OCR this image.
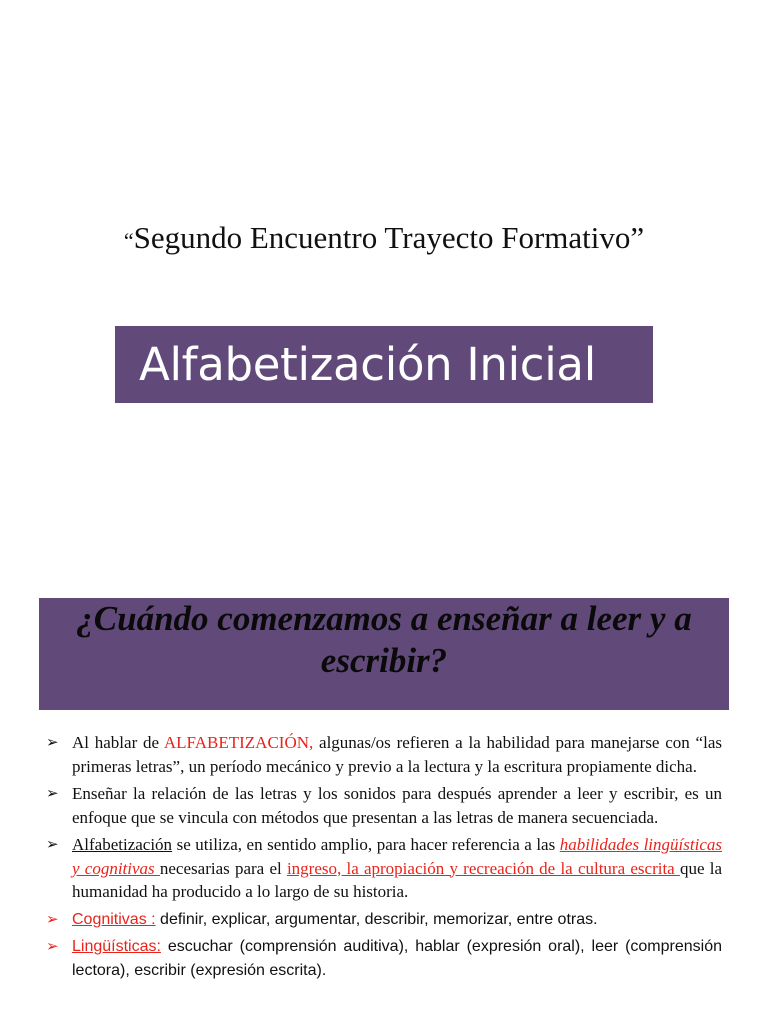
“Segundo Encuentro Trayecto Formativo”
Alfabetización Inicial
¿Cuándo comenzamos a enseñar a leer y a escribir?
➢ Al hablar de ALFABETIZACIÓN, algunas/os refieren a la habilidad para manejarse con “las primeras letras”, un período mecánico y previo a la lectura y la escritura propiamente dicha.
➢ Enseñar la relación de las letras y los sonidos para después aprender a leer y escribir, es un enfoque que se vincula con métodos que presentan a las letras de manera secuenciada.
➢ Alfabetización se utiliza, en sentido amplio, para hacer referencia a las habilidades lingüísticas y cognitivas necesarias para el ingreso, la apropiación y recreación de la cultura escrita que la humanidad ha producido a lo largo de su historia.
➢ Cognitivas : definir, explicar, argumentar, describir, memorizar, entre otras.
➢ Lingüísticas: escuchar (comprensión auditiva), hablar (expresión oral), leer (comprensión lectora), escribir (expresión escrita).
